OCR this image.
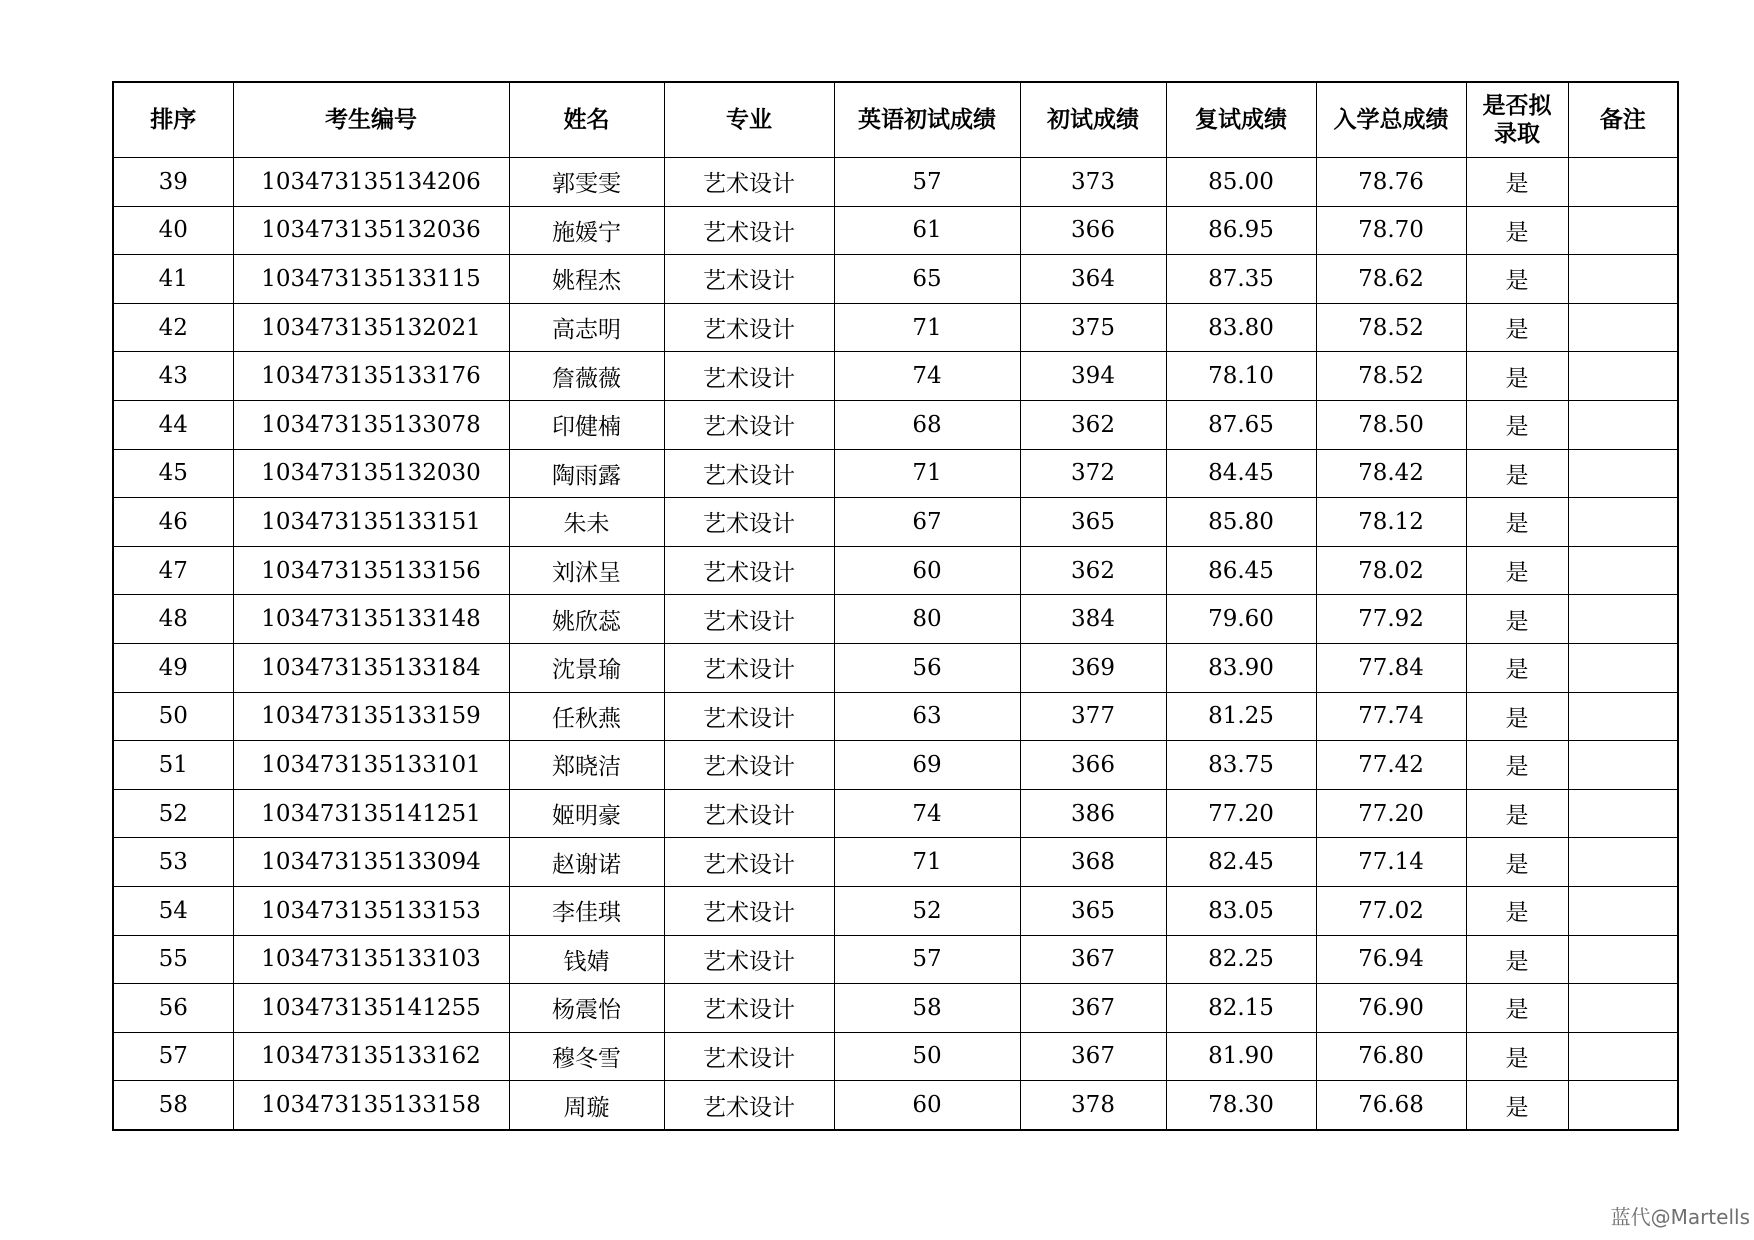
排序	考生编号	姓名	专业	英语初试成绩	初试成绩	复试成绩	入学总成绩	是否拟录取	备注
39	103473135134206	郭雯雯	艺术设计	57	373	85.00	78.76	是	
40	103473135132036	施媛宁	艺术设计	61	366	86.95	78.70	是	
41	103473135133115	姚程杰	艺术设计	65	364	87.35	78.62	是	
42	103473135132021	高志明	艺术设计	71	375	83.80	78.52	是	
43	103473135133176	詹薇薇	艺术设计	74	394	78.10	78.52	是	
44	103473135133078	印健楠	艺术设计	68	362	87.65	78.50	是	
45	103473135132030	陶雨露	艺术设计	71	372	84.45	78.42	是	
46	103473135133151	朱未	艺术设计	67	365	85.80	78.12	是	
47	103473135133156	刘沭呈	艺术设计	60	362	86.45	78.02	是	
48	103473135133148	姚欣蕊	艺术设计	80	384	79.60	77.92	是	
49	103473135133184	沈景瑜	艺术设计	56	369	83.90	77.84	是	
50	103473135133159	任秋燕	艺术设计	63	377	81.25	77.74	是	
51	103473135133101	郑晓洁	艺术设计	69	366	83.75	77.42	是	
52	103473135141251	姬明豪	艺术设计	74	386	77.20	77.20	是	
53	103473135133094	赵谢诺	艺术设计	71	368	82.45	77.14	是	
54	103473135133153	李佳琪	艺术设计	52	365	83.05	77.02	是	
55	103473135133103	钱婧	艺术设计	57	367	82.25	76.94	是	
56	103473135141255	杨震怡	艺术设计	58	367	82.15	76.90	是	
57	103473135133162	穆冬雪	艺术设计	50	367	81.90	76.80	是	
58	103473135133158	周璇	艺术设计	60	378	78.30	76.68	是	
蓝代@Martells
